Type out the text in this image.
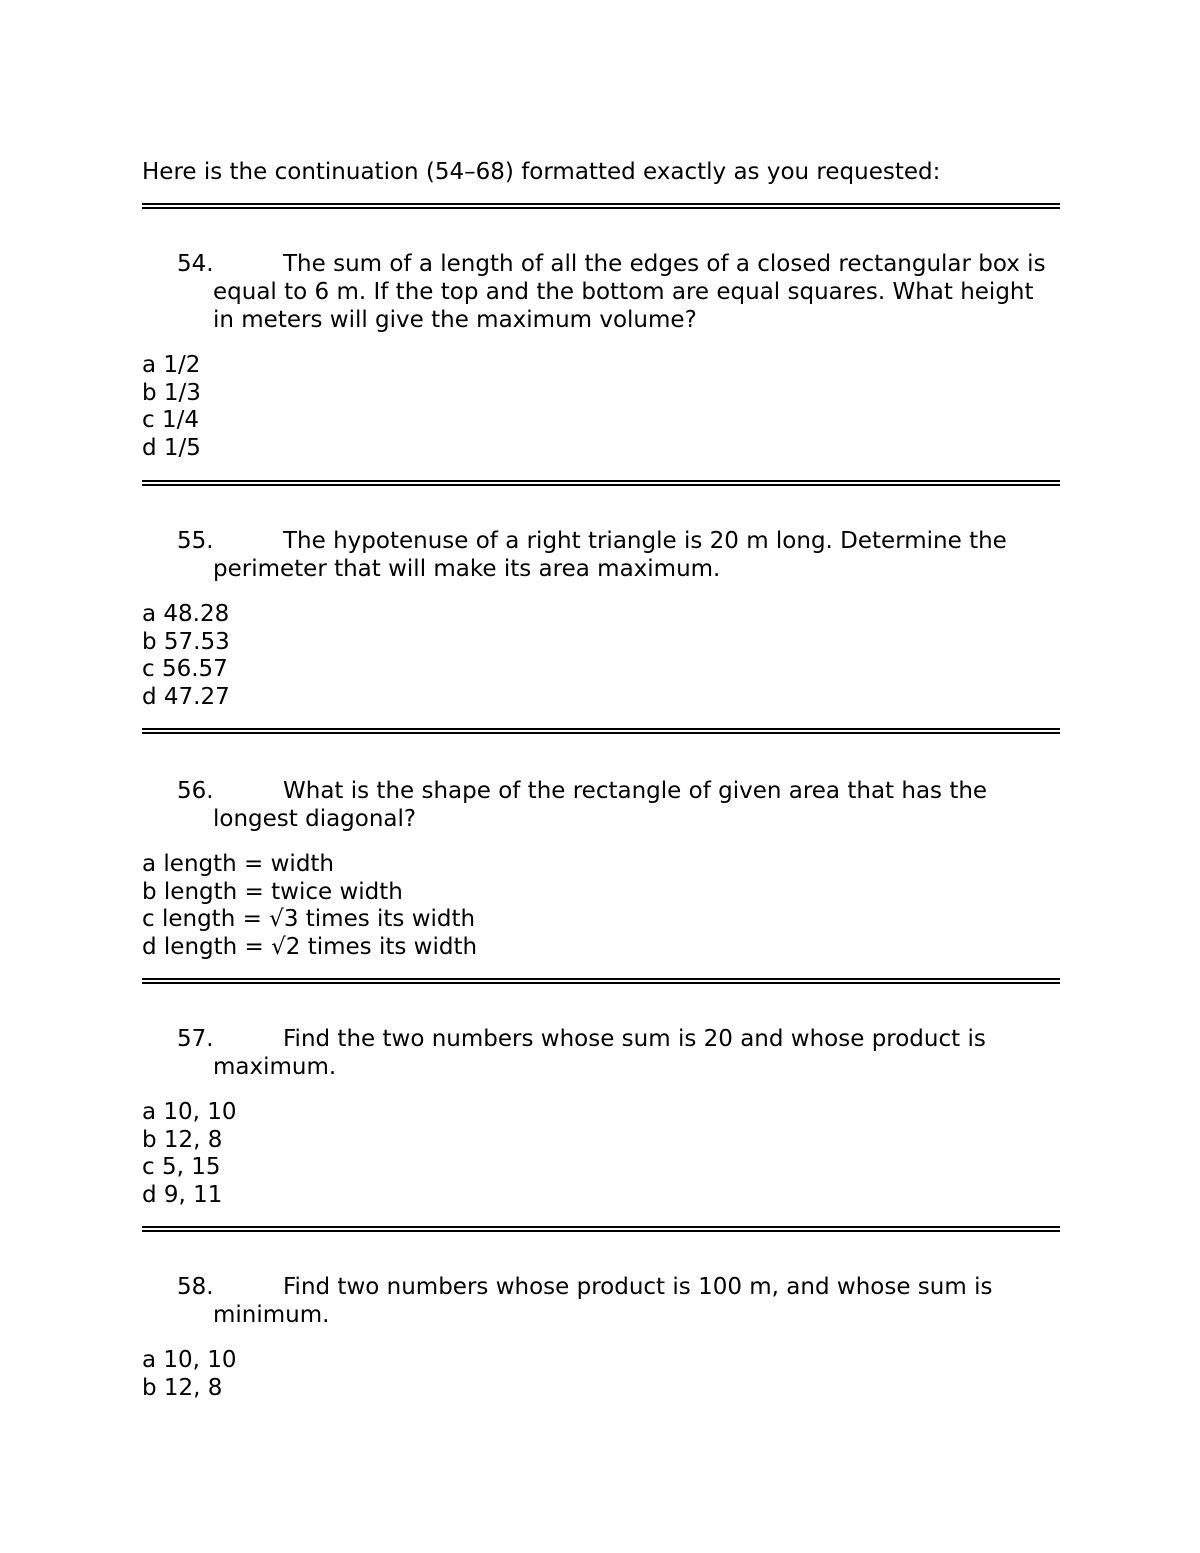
Here is the continuation (54–68) formatted exactly as you requested:
54.	The sum of a length of all the edges of a closed rectangular box is equal to 6 m. If the top and the bottom are equal squares. What height in meters will give the maximum volume?
a 1/2
b 1/3
c 1/4
d 1/5
55.	The hypotenuse of a right triangle is 20 m long. Determine the perimeter that will make its area maximum.
a 48.28
b 57.53
c 56.57
d 47.27
56.	What is the shape of the rectangle of given area that has the longest diagonal?
a length = width
b length = twice width
c length = √3 times its width
d length = √2 times its width
57.	Find the two numbers whose sum is 20 and whose product is maximum.
a 10, 10
b 12, 8
c 5, 15
d 9, 11
58.	Find two numbers whose product is 100 m, and whose sum is minimum.
a 10, 10
b 12, 8
